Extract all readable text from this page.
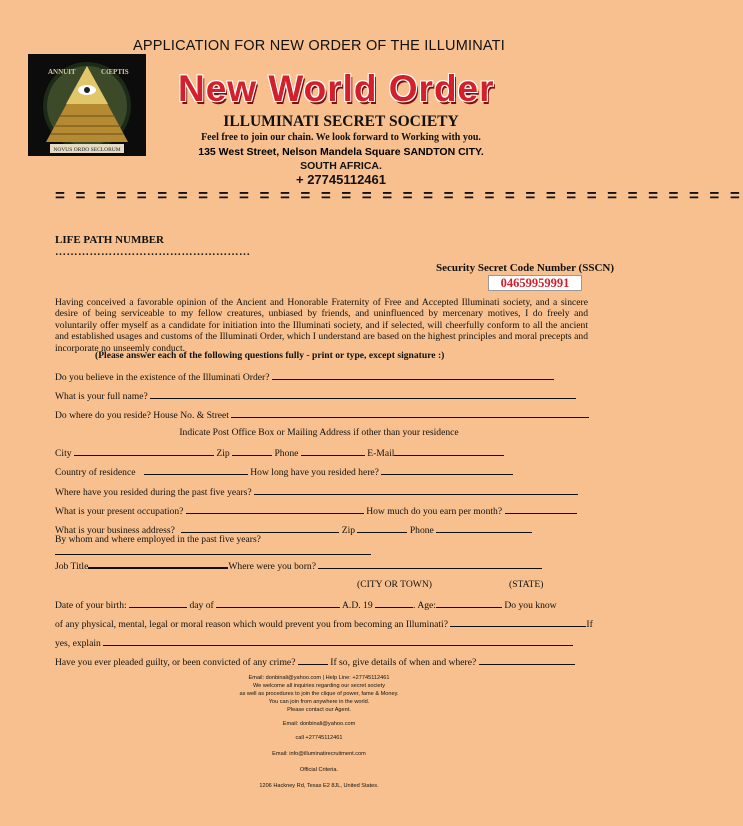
APPLICATION FOR NEW ORDER OF THE ILLUMINATI
ANNUIT	CŒPTIS
NOVUS ORDO SECLORUM
New World Order
ILLUMINATI SECRET SOCIETY
Feel free to join our chain. We look forward to Working with you.
135 West Street, Nelson Mandela Square SANDTON CITY.
SOUTH AFRICA.
+ 27745112461
= = = = = = = = = = = = = = = = = = = = = = = = = = = = = = = = = =
LIFE PATH NUMBER
……………………………………………
Security Secret Code Number (SSCN)
04659959991
Having conceived a favorable opinion of the Ancient and Honorable Fraternity of Free and Accepted Illuminati society, and a sincere desire of being serviceable to my fellow creatures, unbiased by friends, and uninfluenced by mercenary motives, I do freely and voluntarily offer myself as a candidate for initiation into the Illuminati society, and if selected, will cheerfully conform to all the ancient and established usages and customs of the Illuminati Order, which I understand are based on the highest principles and moral precepts and incorporate no unseemly conduct.
(Please answer each of the following questions fully - print or type, except signature :)
Do you believe in the existence of the Illuminati Order?
What is your full name?
Do where do you reside? House No. & Street
Indicate Post Office Box or Mailing Address if other than your residence
City	Zip	Phone	E-Mail
Country of residence	How long have you resided here?
Where have you resided during the past five years?
What is your present occupation?	How much do you earn per month?
What is your business address?	Zip	Phone
By whom and where employed in the past five years?
Job Title	Where were you born?
(CITY OR TOWN)	(STATE)
Date of your birth:	day of	A.D. 19	. Age:	Do you know
of any physical, mental, legal or moral reason which would prevent you from becoming an Illuminati?	If
yes, explain
Have you ever pleaded guilty, or been convicted of any crime?	If so, give details of when and where?
Email: donbinali@yahoo.com | Help Line: +27745112461
We welcome all inquiries regarding our secret society
as well as procedures to join the clique of power, fame & Money.
You can join from anywhere in the world.
Please contact our Agent.
Email: donbinali@yahoo.com
call +27745112461
Email: info@illuminatirecruitment.com
Official Criteria.
1206 Hackney Rd, Texas E2 8JL, United States.
